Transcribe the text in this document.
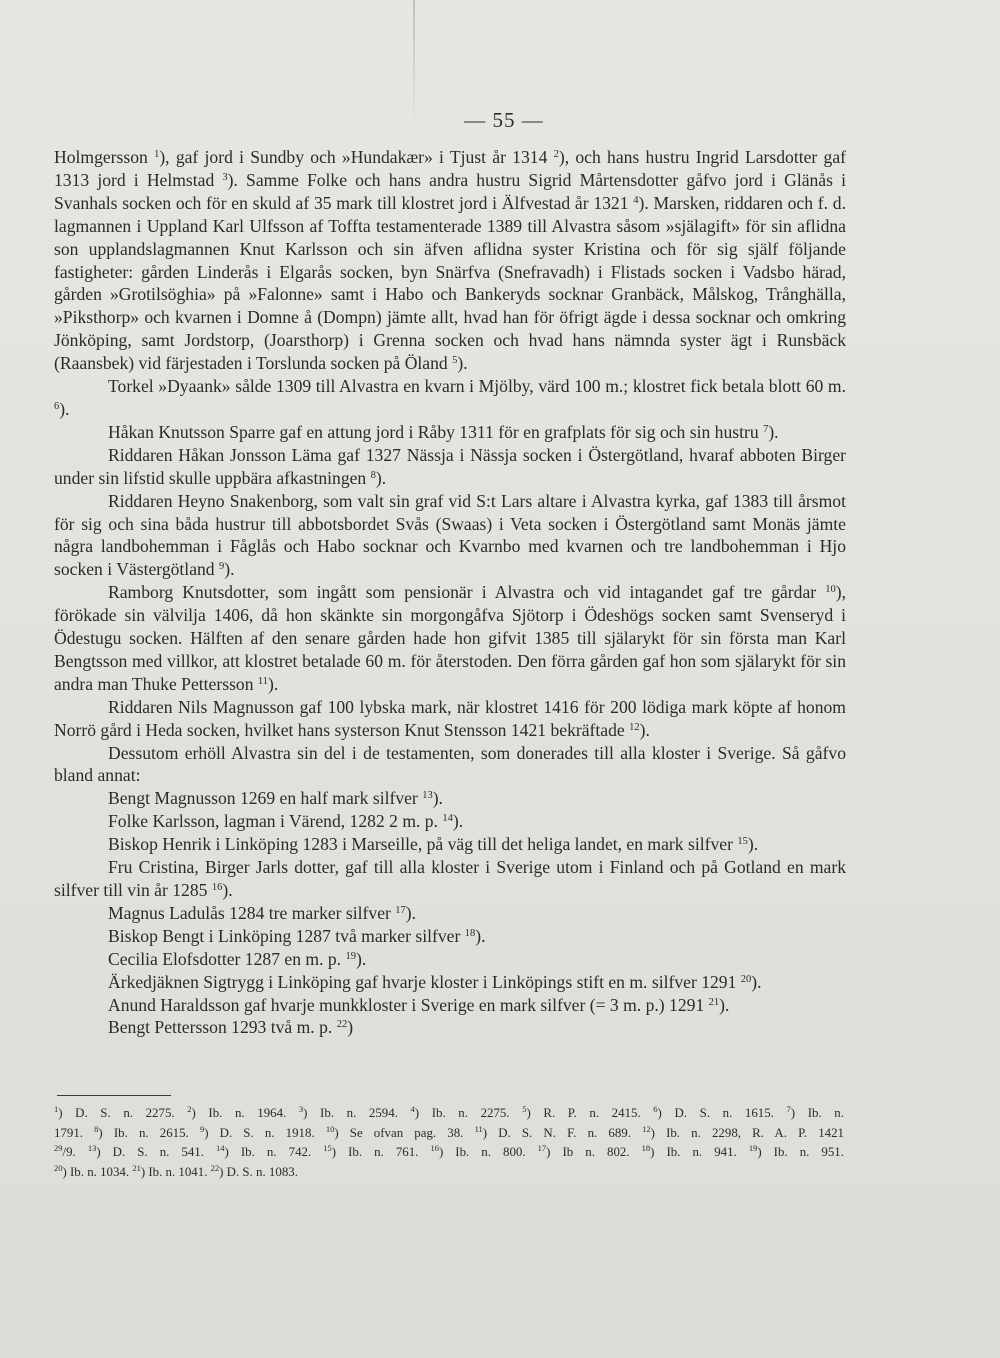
— 55 —

Holmgersson $^1$), gaf jord i Sundby och »Hundakær» i Tjust år 1314 $^2$), och hans hustru Ingrid Larsdotter gaf 1313 jord i Helmstad $^3$). Samme Folke och hans andra hustru Sigrid Mårtensdotter gåfvo jord i Glänås i Svanhals socken och för en skuld af 35 mark till klostret jord i Älfvestad år 1321 $^4$). Marsken, riddaren och f. d. lagmannen i Uppland Karl Ulfsson af Toffta testamenterade 1389 till Alvastra såsom »själagift» för sin aflidna son upplandslagmannen Knut Karlsson och sin äfven aflidna syster Kristina och för sig själf följande fastigheter: gården Linderås i Elgarås socken, byn Snärfva (Snefravadh) i Flistads socken i Vadsbo härad, gården »Grotilsöghia» på »Falonne» samt i Habo och Bankeryds socknar Granbäck, Målskog, Trånghälla, »Piksthorp» och kvarnen i Domne å (Dompn) jämte allt, hvad han för öfrigt ägde i dessa socknar och omkring Jönköping, samt Jordstorp, (Joarsthorp) i Grenna socken och hvad hans nämnda syster ägt i Runsbäck (Raansbek) vid färjestaden i Torslunda socken på Öland $^5$).

Torkel »Dyaank» sålde 1309 till Alvastra en kvarn i Mjölby, värd 100 m.; klostret fick betala blott 60 m. $^6$).

Håkan Knutsson Sparre gaf en attung jord i Råby 1311 för en grafplats för sig och sin hustru $^7$).

Riddaren Håkan Jonsson Läma gaf 1327 Nässja i Nässja socken i Östergötland, hvaraf abboten Birger under sin lifstid skulle uppbära afkastningen $^8$).

Riddaren Heyno Snakenborg, som valt sin graf vid S:t Lars altare i Alvastra kyrka, gaf 1383 till årsmot för sig och sina båda hustrur till abbotsbordet Svås (Swaas) i Veta socken i Östergötland samt Monäs jämte några landbohemman i Fåglås och Habo socknar och Kvarnbo med kvarnen och tre landbohemman i Hjo socken i Västergötland $^9$).

Ramborg Knutsdotter, som ingått som pensionär i Alvastra och vid intagandet gaf tre gårdar $^{10}$), förökade sin välvilja 1406, då hon skänkte sin morgongåfva Sjötorp i Ödeshögs socken samt Svenseryd i Ödestugu socken. Hälften af den senare gården hade hon gifvit 1385 till själarykt för sin första man Karl Bengtsson med villkor, att klostret betalade 60 m. för återstoden. Den förra gården gaf hon som själarykt för sin andra man Thuke Pettersson $^{11}$).

Riddaren Nils Magnusson gaf 100 lybska mark, när klostret 1416 för 200 lödiga mark köpte af honom Norrö gård i Heda socken, hvilket hans systerson Knut Stensson 1421 bekräftade $^{12}$).

Dessutom erhöll Alvastra sin del i de testamenten, som donerades till alla kloster i Sverige. Så gåfvo bland annat:

Bengt Magnusson 1269 en half mark silfver $^{13}$).

Folke Karlsson, lagman i Värend, 1282 2 m. p. $^{14}$).

Biskop Henrik i Linköping 1283 i Marseille, på väg till det heliga landet, en mark silfver $^{15}$).

Fru Cristina, Birger Jarls dotter, gaf till alla kloster i Sverige utom i Finland och på Gotland en mark silfver till vin år 1285 $^{16}$).

Magnus Ladulås 1284 tre marker silfver $^{17}$).

Biskop Bengt i Linköping 1287 två marker silfver $^{18}$).

Cecilia Elofsdotter 1287 en m. p. $^{19}$).

Ärkedjäknen Sigtrygg i Linköping gaf hvarje kloster i Linköpings stift en m. silfver 1291 $^{20}$).

Anund Haraldsson gaf hvarje munkkloster i Sverige en mark silfver (= 3 m. p.) 1291 $^{21}$).

Bengt Pettersson 1293 två m. p. $^{22}$)

$^1$) D. S. n. 2275. $^2$) Ib. n. 1964. $^3$) Ib. n. 2594. $^4$) Ib. n. 2275. $^5$) R. P. n. 2415. $^6$) D. S. n. 1615. $^7$) Ib. n.
1791. $^8$) Ib. n. 2615. $^9$) D. S. n. 1918. $^{10}$) Se ofvan pag. 38. $^{11}$) D. S. N. F. n. 689. $^{12}$) Ib. n. 2298, R. A. P. 1421
$^{29}$/9. $^{13}$) D. S. n. 541. $^{14}$) Ib. n. 742. $^{15}$) Ib. n. 761. $^{16}$) Ib. n. 800. $^{17}$) Ib n. 802. $^{18}$) Ib. n. 941. $^{19}$) Ib. n. 951.
$^{20}$) Ib. n. 1034. $^{21}$) Ib. n. 1041. $^{22}$) D. S. n. 1083.
